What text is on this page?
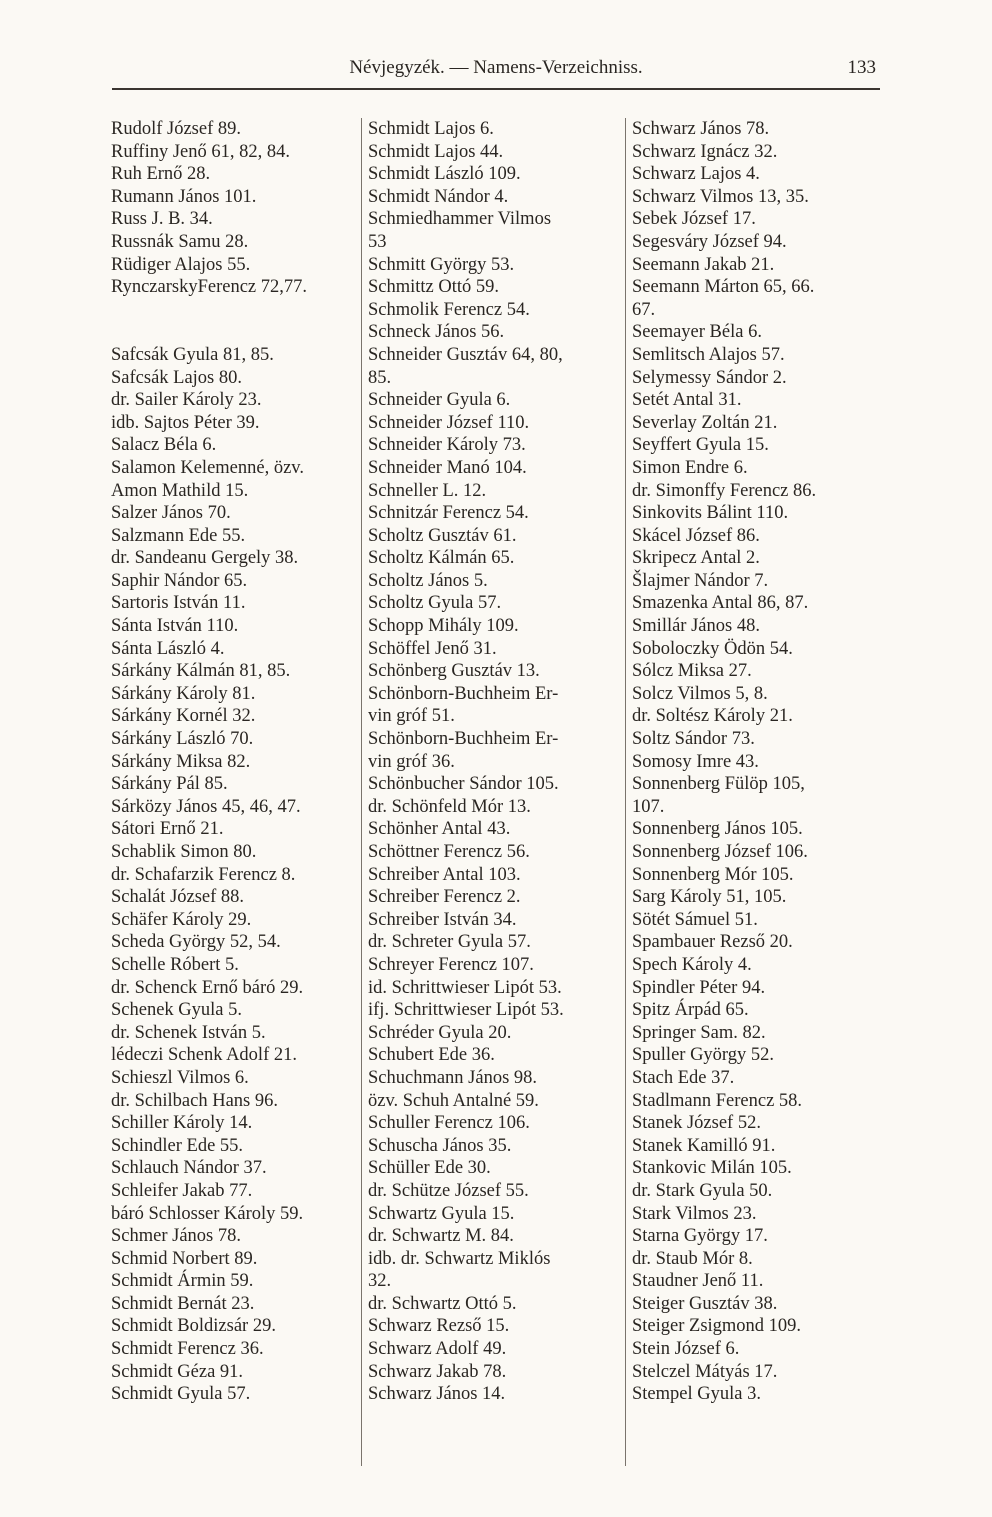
Névjegyzék. — Namens-Verzeichniss.	133
Rudolf József 89.
Ruffiny Jenő 61, 82, 84.
Ruh Ernő 28.
Rumann János 101.
Russ J. B. 34.
Russnák Samu 28.
Rüdiger Alajos 55.
RynczarskyFerencz 72,77.
Safcsák Gyula 81, 85.
Safcsák Lajos 80.
dr. Sailer Károly 23.
idb. Sajtos Péter 39.
Salacz Béla 6.
Salamon Kelemenné, özv.
Amon Mathild 15.
Salzer János 70.
Salzmann Ede 55.
dr. Sandeanu Gergely 38.
Saphir Nándor 65.
Sartoris István 11.
Sánta István 110.
Sánta László 4.
Sárkány Kálmán 81, 85.
Sárkány Károly 81.
Sárkány Kornél 32.
Sárkány László 70.
Sárkány Miksa 82.
Sárkány Pál 85.
Sárközy János 45, 46, 47.
Sátori Ernő 21.
Schablik Simon 80.
dr. Schafarzik Ferencz 8.
Schalát József 88.
Schäfer Károly 29.
Scheda György 52, 54.
Schelle Róbert 5.
dr. Schenck Ernő báró 29.
Schenek Gyula 5.
dr. Schenek István 5.
lédeczi Schenk Adolf 21.
Schieszl Vilmos 6.
dr. Schilbach Hans 96.
Schiller Károly 14.
Schindler Ede 55.
Schlauch Nándor 37.
Schleifer Jakab 77.
báró Schlosser Károly 59.
Schmer János 78.
Schmid Norbert 89.
Schmidt Ármin 59.
Schmidt Bernát 23.
Schmidt Boldizsár 29.
Schmidt Ferencz 36.
Schmidt Géza 91.
Schmidt Gyula 57.
Schmidt Lajos 6.
Schmidt Lajos 44.
Schmidt László 109.
Schmidt Nándor 4.
Schmiedhammer Vilmos
53
Schmitt György 53.
Schmittz Ottó 59.
Schmolik Ferencz 54.
Schneck János 56.
Schneider Gusztáv 64, 80,
85.
Schneider Gyula 6.
Schneider József 110.
Schneider Károly 73.
Schneider Manó 104.
Schneller L. 12.
Schnitzár Ferencz 54.
Scholtz Gusztáv 61.
Scholtz Kálmán 65.
Scholtz János 5.
Scholtz Gyula 57.
Schopp Mihály 109.
Schöffel Jenő 31.
Schönberg Gusztáv 13.
Schönborn-Buchheim Er-
vin gróf 51.
Schönborn-Buchheim Er-
vin gróf 36.
Schönbucher Sándor 105.
dr. Schönfeld Mór 13.
Schönher Antal 43.
Schöttner Ferencz 56.
Schreiber Antal 103.
Schreiber Ferencz 2.
Schreiber István 34.
dr. Schreter Gyula 57.
Schreyer Ferencz 107.
id. Schrittwieser Lipót 53.
ifj. Schrittwieser Lipót 53.
Schréder Gyula 20.
Schubert Ede 36.
Schuchmann János 98.
özv. Schuh Antalné 59.
Schuller Ferencz 106.
Schuscha János 35.
Schüller Ede 30.
dr. Schütze József 55.
Schwartz Gyula 15.
dr. Schwartz M. 84.
idb. dr. Schwartz Miklós
32.
dr. Schwartz Ottó 5.
Schwarz Rezső 15.
Schwarz Adolf 49.
Schwarz Jakab 78.
Schwarz János 14.
Schwarz János 78.
Schwarz Ignácz 32.
Schwarz Lajos 4.
Schwarz Vilmos 13, 35.
Sebek József 17.
Segesváry József 94.
Seemann Jakab 21.
Seemann Márton 65, 66.
67.
Seemayer Béla 6.
Semlitsch Alajos 57.
Selymessy Sándor 2.
Setét Antal 31.
Severlay Zoltán 21.
Seyffert Gyula 15.
Simon Endre 6.
dr. Simonffy Ferencz 86.
Sinkovits Bálint 110.
Skácel József 86.
Skripecz Antal 2.
Šlajmer Nándor 7.
Smazenka Antal 86, 87.
Smillár János 48.
Soboloczky Ödön 54.
Sólcz Miksa 27.
Solcz Vilmos 5, 8.
dr. Soltész Károly 21.
Soltz Sándor 73.
Somosy Imre 43.
Sonnenberg Fülöp 105,
107.
Sonnenberg János 105.
Sonnenberg József 106.
Sonnenberg Mór 105.
Sarg Károly 51, 105.
Sötét Sámuel 51.
Spambauer Rezső 20.
Spech Károly 4.
Spindler Péter 94.
Spitz Árpád 65.
Springer Sam. 82.
Spuller György 52.
Stach Ede 37.
Stadlmann Ferencz 58.
Stanek József 52.
Stanek Kamilló 91.
Stankovic Milán 105.
dr. Stark Gyula 50.
Stark Vilmos 23.
Starna György 17.
dr. Staub Mór 8.
Staudner Jenő 11.
Steiger Gusztáv 38.
Steiger Zsigmond 109.
Stein József 6.
Stelczel Mátyás 17.
Stempel Gyula 3.
